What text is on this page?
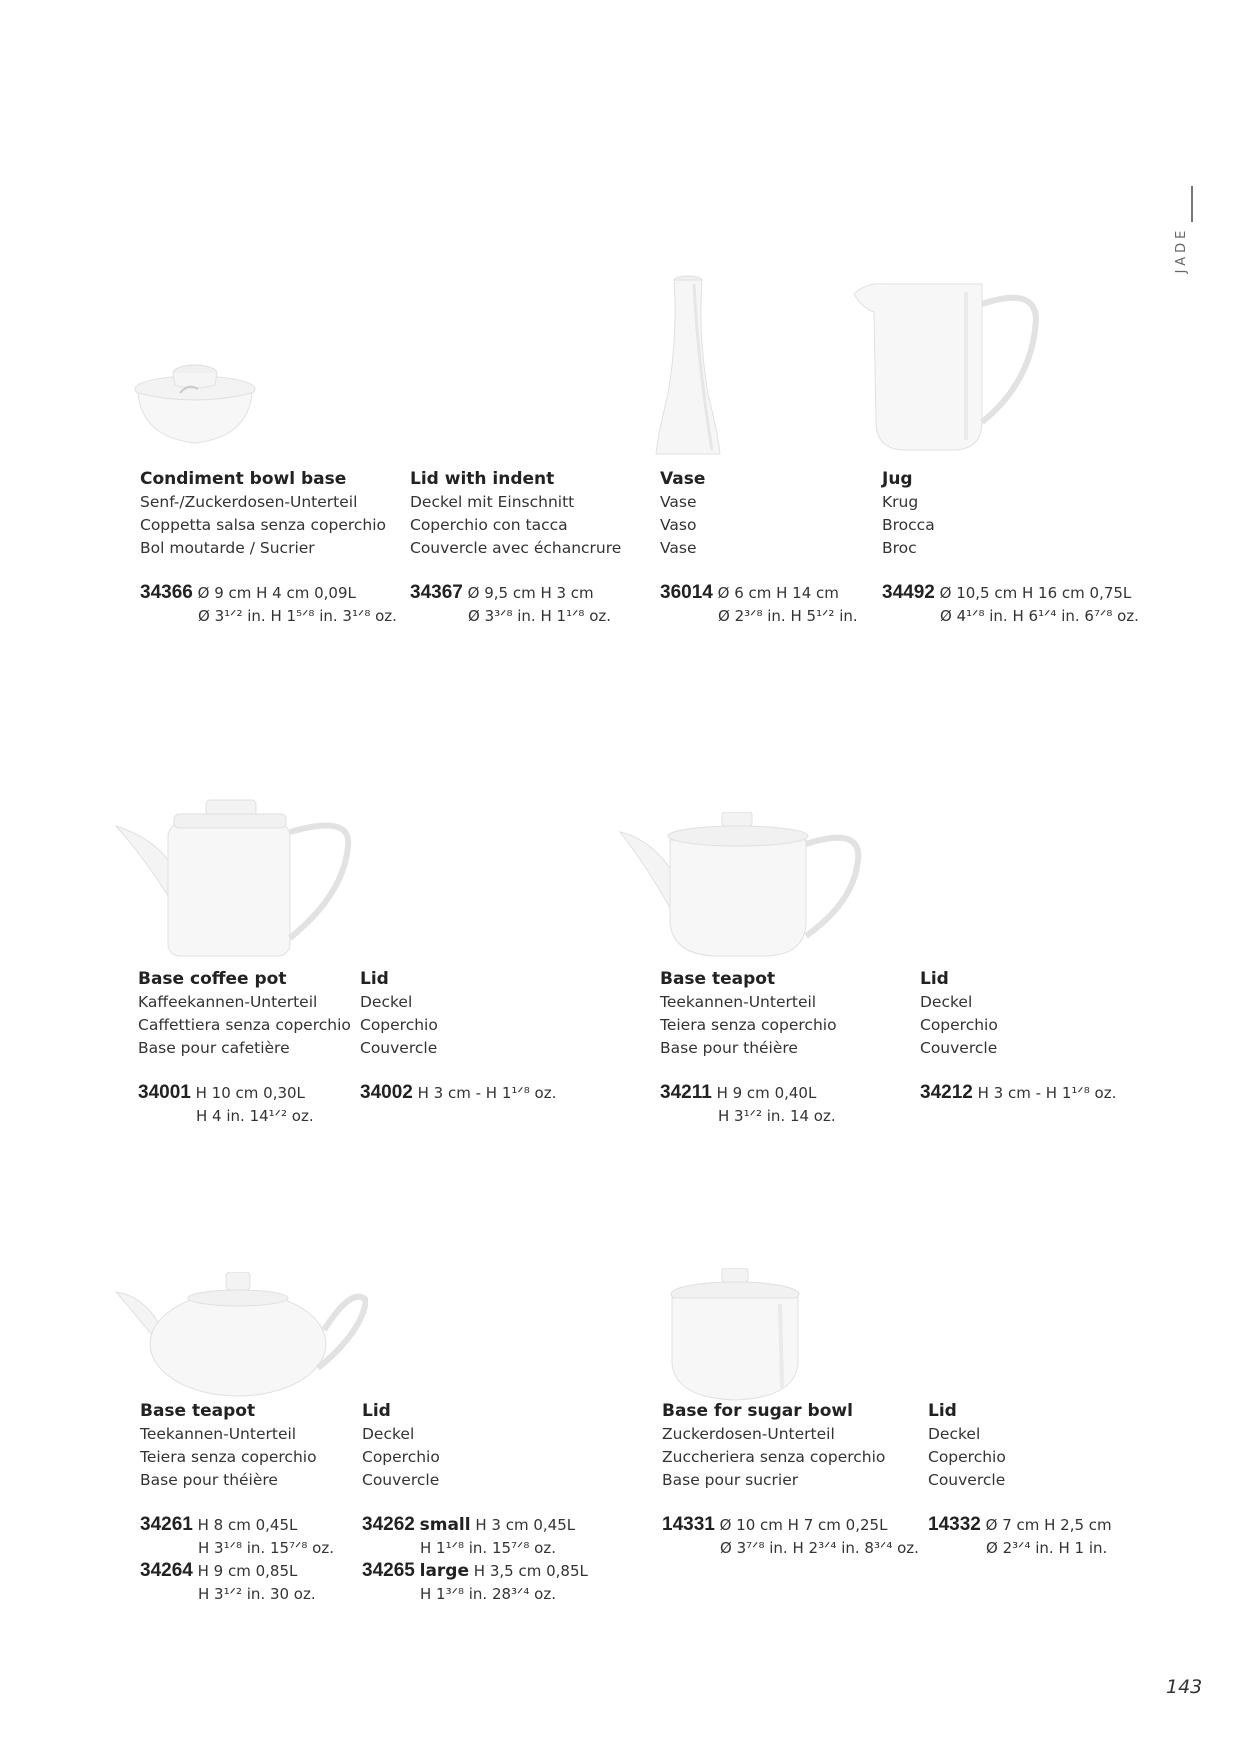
JADE
Condiment bowl base
Senf-/Zuckerdosen-Unterteil
Coppetta salsa senza coperchio
Bol moutarde / Sucrier
34366 Ø 9 cm H 4 cm 0,09L
Ø 3¹ᐟ² in. H 1⁵ᐟ⁸ in. 3¹ᐟ⁸ oz.
Lid with indent
Deckel mit Einschnitt
Coperchio con tacca
Couvercle avec échancrure
34367 Ø 9,5 cm H 3 cm
Ø 3³ᐟ⁸ in. H 1¹ᐟ⁸ oz.
Vase
Vase
Vaso
Vase
36014 Ø 6 cm H 14 cm
Ø 2³ᐟ⁸ in. H 5¹ᐟ² in.
Jug
Krug
Brocca
Broc
34492 Ø 10,5 cm H 16 cm 0,75L
Ø 4¹ᐟ⁸ in. H 6¹ᐟ⁴ in. 6⁷ᐟ⁸ oz.
Base coffee pot
Kaffeekannen-Unterteil
Caffettiera senza coperchio
Base pour cafetière
34001 H 10 cm 0,30L
H 4 in. 14¹ᐟ² oz.
Lid
Deckel
Coperchio
Couvercle
34002 H 3 cm - H 1¹ᐟ⁸ oz.
Base teapot
Teekannen-Unterteil
Teiera senza coperchio
Base pour théière
34211 H 9 cm 0,40L
H 3¹ᐟ² in. 14 oz.
Lid
Deckel
Coperchio
Couvercle
34212 H 3 cm - H 1¹ᐟ⁸ oz.
Base teapot
Teekannen-Unterteil
Teiera senza coperchio
Base pour théière
34261 H 8 cm 0,45L
H 3¹ᐟ⁸ in. 15⁷ᐟ⁸ oz.
34264 H 9 cm 0,85L
H 3¹ᐟ² in. 30 oz.
Lid
Deckel
Coperchio
Couvercle
34262 small H 3 cm 0,45L
H 1¹ᐟ⁸ in. 15⁷ᐟ⁸ oz.
34265 large H 3,5 cm 0,85L
H 1³ᐟ⁸ in. 28³ᐟ⁴ oz.
Base for sugar bowl
Zuckerdosen-Unterteil
Zuccheriera senza coperchio
Base pour sucrier
14331 Ø 10 cm H 7 cm 0,25L
Ø 3⁷ᐟ⁸ in. H 2³ᐟ⁴ in. 8³ᐟ⁴ oz.
Lid
Deckel
Coperchio
Couvercle
14332 Ø 7 cm H 2,5 cm
Ø 2³ᐟ⁴ in. H 1 in.
143
